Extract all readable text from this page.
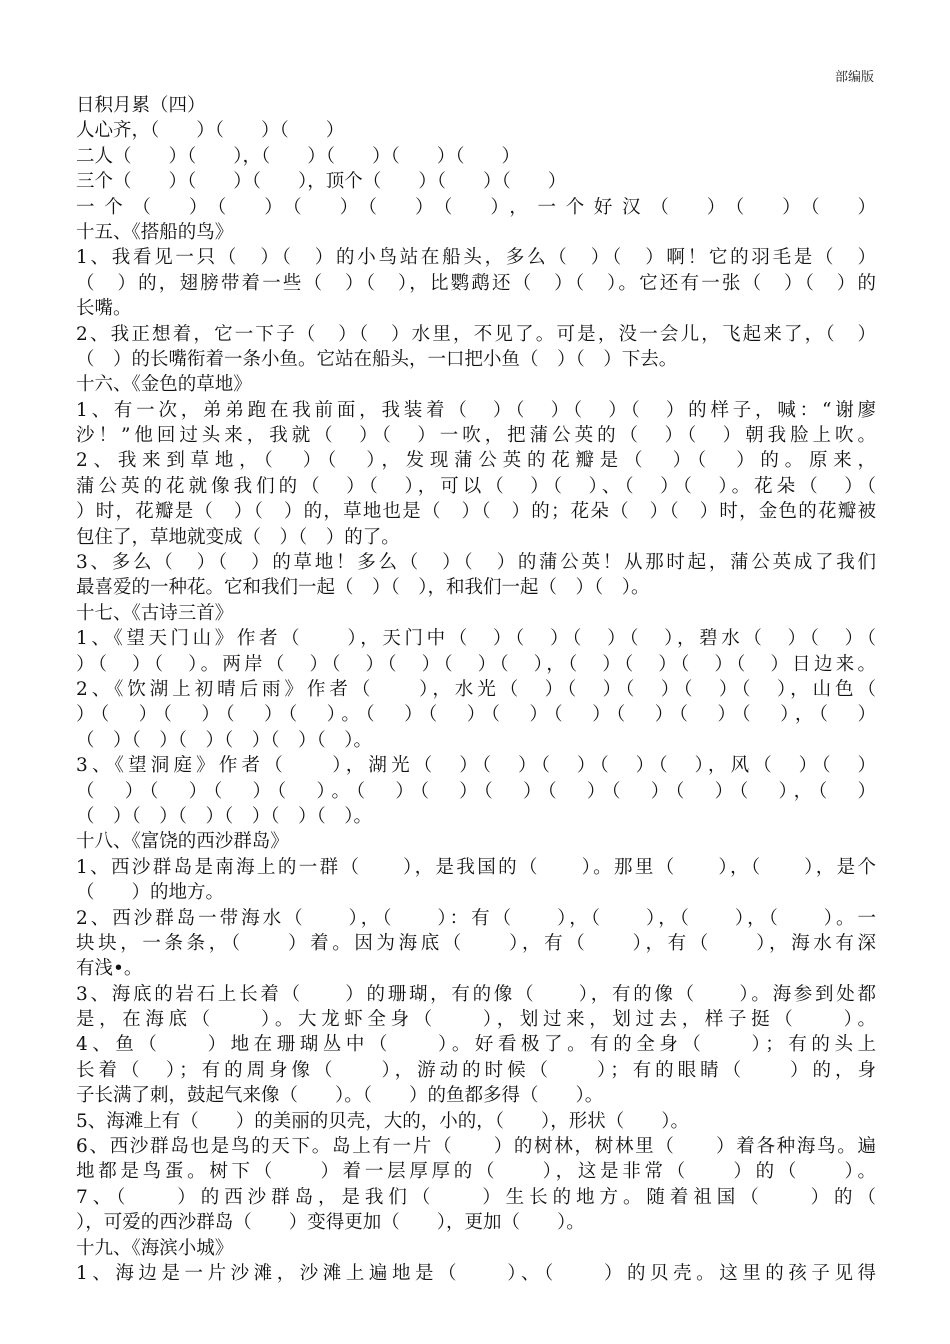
部编版
日积月累（四）
人心齐，（　　）（　　）（　　）
二人（　　）（　　），（　　）（　　）（　　）（　　）
三个（　　）（　　）（　　），顶个（　　）（　　）（　　）
一个（　）（　）（　）（　）（　），一个好汉（　）（　）（　）
十五、《搭船的鸟》
1、我看见一只（　）（　）的小鸟站在船头，多么（　）（　）啊！它的羽毛是（　）
（　）的，翅膀带着一些（　）（　），比鹦鹉还（　）（　）。它还有一张（　）（　）的
长嘴。
2、我正想着，它一下子（　）（　）水里，不见了。可是，没一会儿，飞起来了，（　）
（　）的长嘴衔着一条小鱼。它站在船头，一口把小鱼（　）（　）下去。
十六、《金色的草地》
1、有一次，弟弟跑在我前面，我装着（　）（　）（　）（　）的样子，喊：“谢廖
沙！”他回过头来，我就（　）（　）一吹，把蒲公英的（　）（　）朝我脸上吹。
2、我来到草地，（　）（　），发现蒲公英的花瓣是（　）（　）的。原来，
蒲公英的花就像我们的（　）（　），可以（　）（　）、（　）（　）。花朵（　）（
）时，花瓣是（　）（　）的，草地也是（　）（　）的；花朵（　）（　）时，金色的花瓣被
包住了，草地就变成（　）（　）的了。
3、多么（　）（　）的草地！多么（　）（　）的蒲公英！从那时起，蒲公英成了我们
最喜爱的一种花。它和我们一起（　）（　），和我们一起（　）（　）。
十七、《古诗三首》
1、《望天门山》作者（　　），天门中（　）（　）（　）（　），碧水（　）（　）（
）（　）（　）。两岸（　）（　）（　）（　）（　），（　）（　）（　）（　）日边来。
2、《饮湖上初晴后雨》作者（　　），水光（　）（　）（　）（　）（　），山色（
）（　）（　）（　）（　）。（　）（　）（　）（　）（　）（　）（　），（　）
（　）（　）（　）（　）（　）（　）。
3、《望洞庭》作者（　　），湖光（　）（　）（　）（　）（　），风（　）（　）
（　）（　）（　）（　）。（　）（　）（　）（　）（　）（　）（　），（　）
（　）（　）（　）（　）（　）（　）。
十八、《富饶的西沙群岛》
1、西沙群岛是南海上的一群（　　），是我国的（　　）。那里（　　），（　　），是个
（　　）的地方。
2、西沙群岛一带海水（　　），（　　）：有（　　），（　　），（　　），（　　）。一
块块，一条条，（　　）着。因为海底（　　），有（　　），有（　　），海水有深
有浅•。
3、海底的岩石上长着（　　）的珊瑚，有的像（　　），有的像（　　）。海参到处都
是，在海底（　　）。大龙虾全身（　　），划过来，划过去，样子挺（　　）。
4、鱼（　　）地在珊瑚丛中（　　）。好看极了。有的全身（　　）；有的头上
长着（　）；有的周身像（　　），游动的时候（　　）；有的眼睛（　　）的，身
子长满了刺，鼓起气来像（　　）。（　　）的鱼都多得（　　）。
5、海滩上有（　　）的美丽的贝壳，大的，小的，（　　），形状（　　）。
6、西沙群岛也是鸟的天下。岛上有一片（　　）的树林，树林里（　　）着各种海鸟。遍
地都是鸟蛋。树下（　　）着一层厚厚的（　　），这是非常（　　）的（　　）。
7、（　　）的西沙群岛，是我们（　　）生长的地方。随着祖国（　　）的（
），可爱的西沙群岛（　　）变得更加（　　），更加（　　）。
十九、《海滨小城》
1、海边是一片沙滩，沙滩上遍地是（　　）、（　　）的贝壳。这里的孩子见得
